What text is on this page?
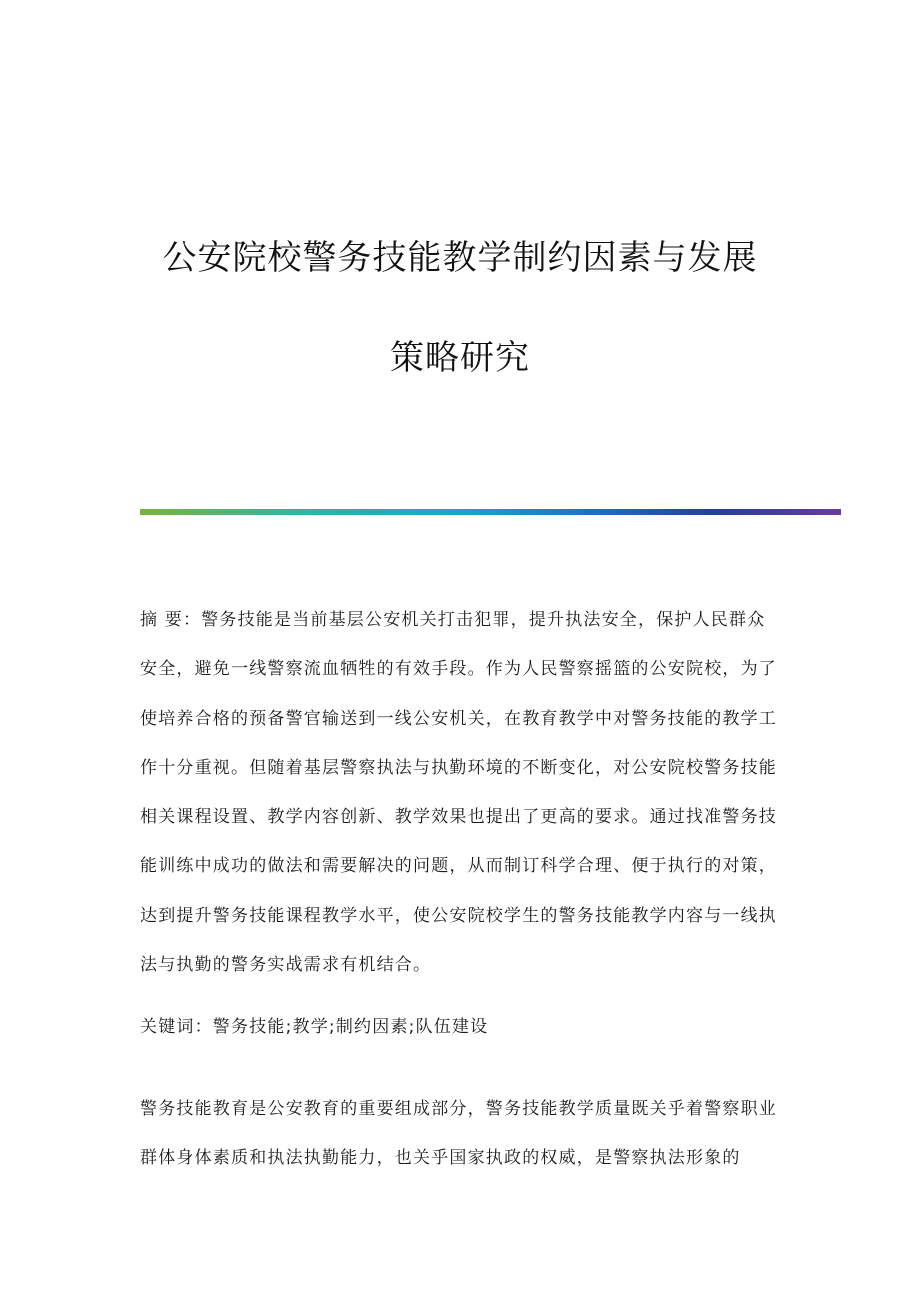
公安院校警务技能教学制约因素与发展
策略研究

摘 要：警务技能是当前基层公安机关打击犯罪，提升执法安全，保护人民群众安全，避免一线警察流血牺牲的有效手段。作为人民警察摇篮的公安院校，为了使培养合格的预备警官输送到一线公安机关，在教育教学中对警务技能的教学工作十分重视。但随着基层警察执法与执勤环境的不断变化，对公安院校警务技能相关课程设置、教学内容创新、教学效果也提出了更高的要求。通过找准警务技能训练中成功的做法和需要解决的问题，从而制订科学合理、便于执行的对策，达到提升警务技能课程教学水平，使公安院校学生的警务技能教学内容与一线执法与执勤的警务实战需求有机结合。

关键词：警务技能;教学;制约因素;队伍建设

警务技能教育是公安教育的重要组成部分，警务技能教学质量既关乎着警察职业群体身体素质和执法执勤能力，也关乎国家执政的权威，是警察执法形象的
